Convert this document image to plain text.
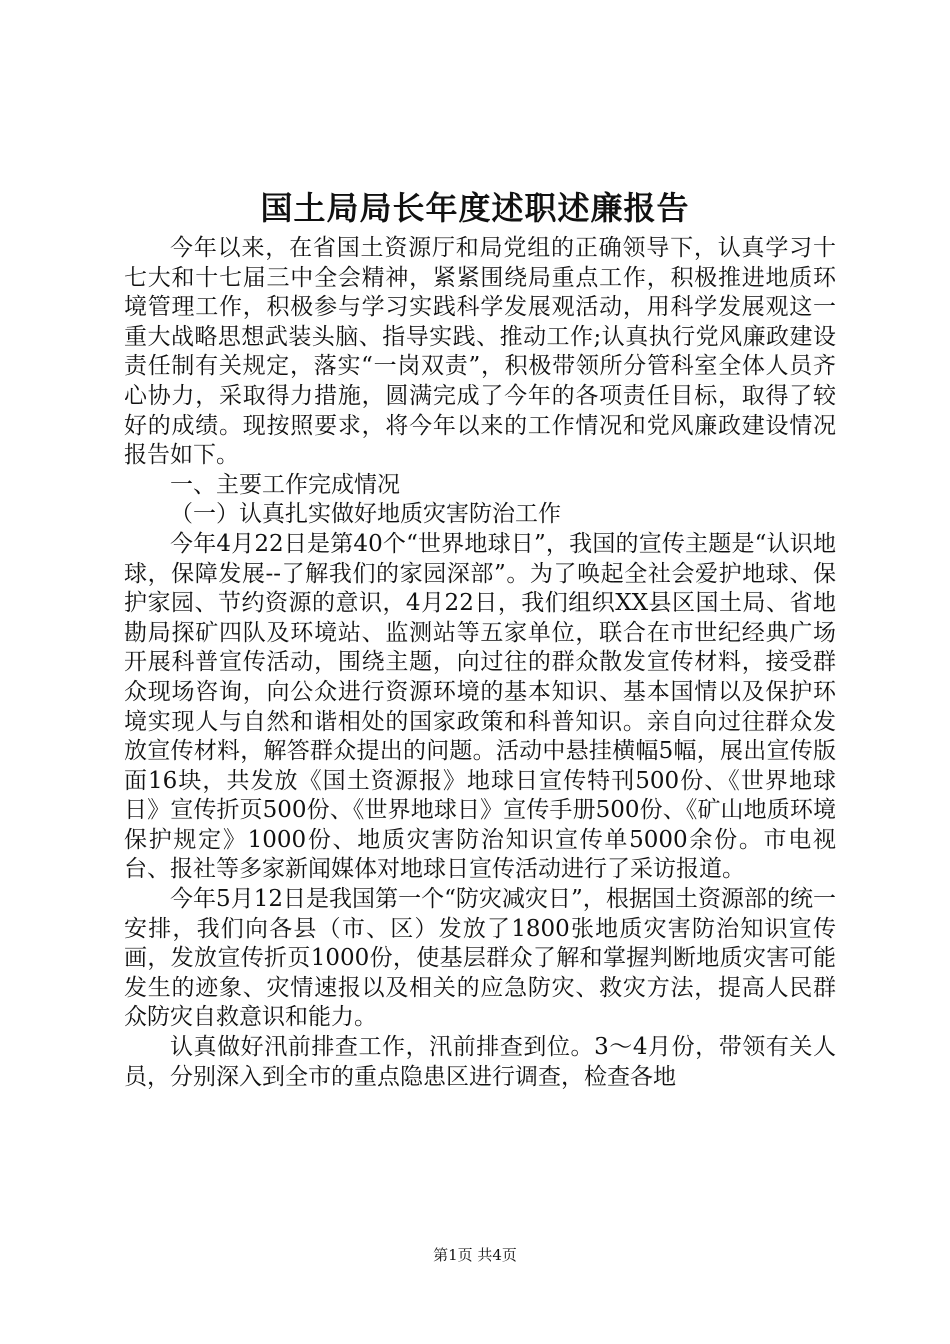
国土局局长年度述职述廉报告

今年以来，在省国土资源厅和局党组的正确领导下，认真学习十七大和十七届三中全会精神，紧紧围绕局重点工作，积极推进地质环境管理工作，积极参与学习实践科学发展观活动，用科学发展观这一重大战略思想武装头脑、指导实践、推动工作;认真执行党风廉政建设责任制有关规定，落实“一岗双责”，积极带领所分管科室全体人员齐心协力，采取得力措施，圆满完成了今年的各项责任目标，取得了较好的成绩。现按照要求，将今年以来的工作情况和党风廉政建设情况报告如下。

一、主要工作完成情况

（一）认真扎实做好地质灾害防治工作

今年4月22日是第40个“世界地球日”，我国的宣传主题是“认识地球，保障发展--了解我们的家园深部”。为了唤起全社会爱护地球、保护家园、节约资源的意识，4月22日，我们组织XX县区国土局、省地勘局探矿四队及环境站、监测站等五家单位，联合在市世纪经典广场开展科普宣传活动，围绕主题，向过往的群众散发宣传材料，接受群众现场咨询，向公众进行资源环境的基本知识、基本国情以及保护环境实现人与自然和谐相处的国家政策和科普知识。亲自向过往群众发放宣传材料，解答群众提出的问题。活动中悬挂横幅5幅，展出宣传版面16块，共发放《国土资源报》地球日宣传特刊500份、《世界地球日》宣传折页500份、《世界地球日》宣传手册500份、《矿山地质环境保护规定》1000份、地质灾害防治知识宣传单5000余份。市电视台、报社等多家新闻媒体对地球日宣传活动进行了采访报道。

今年5月12日是我国第一个“防灾减灾日”，根据国土资源部的统一安排，我们向各县（市、区）发放了1800张地质灾害防治知识宣传画，发放宣传折页1000份，使基层群众了解和掌握判断地质灾害可能发生的迹象、灾情速报以及相关的应急防灾、救灾方法，提高人民群众防灾自救意识和能力。

认真做好汛前排查工作，汛前排查到位。3～4月份，带领有关人员，分别深入到全市的重点隐患区进行调查，检查各地

第1页 共4页
